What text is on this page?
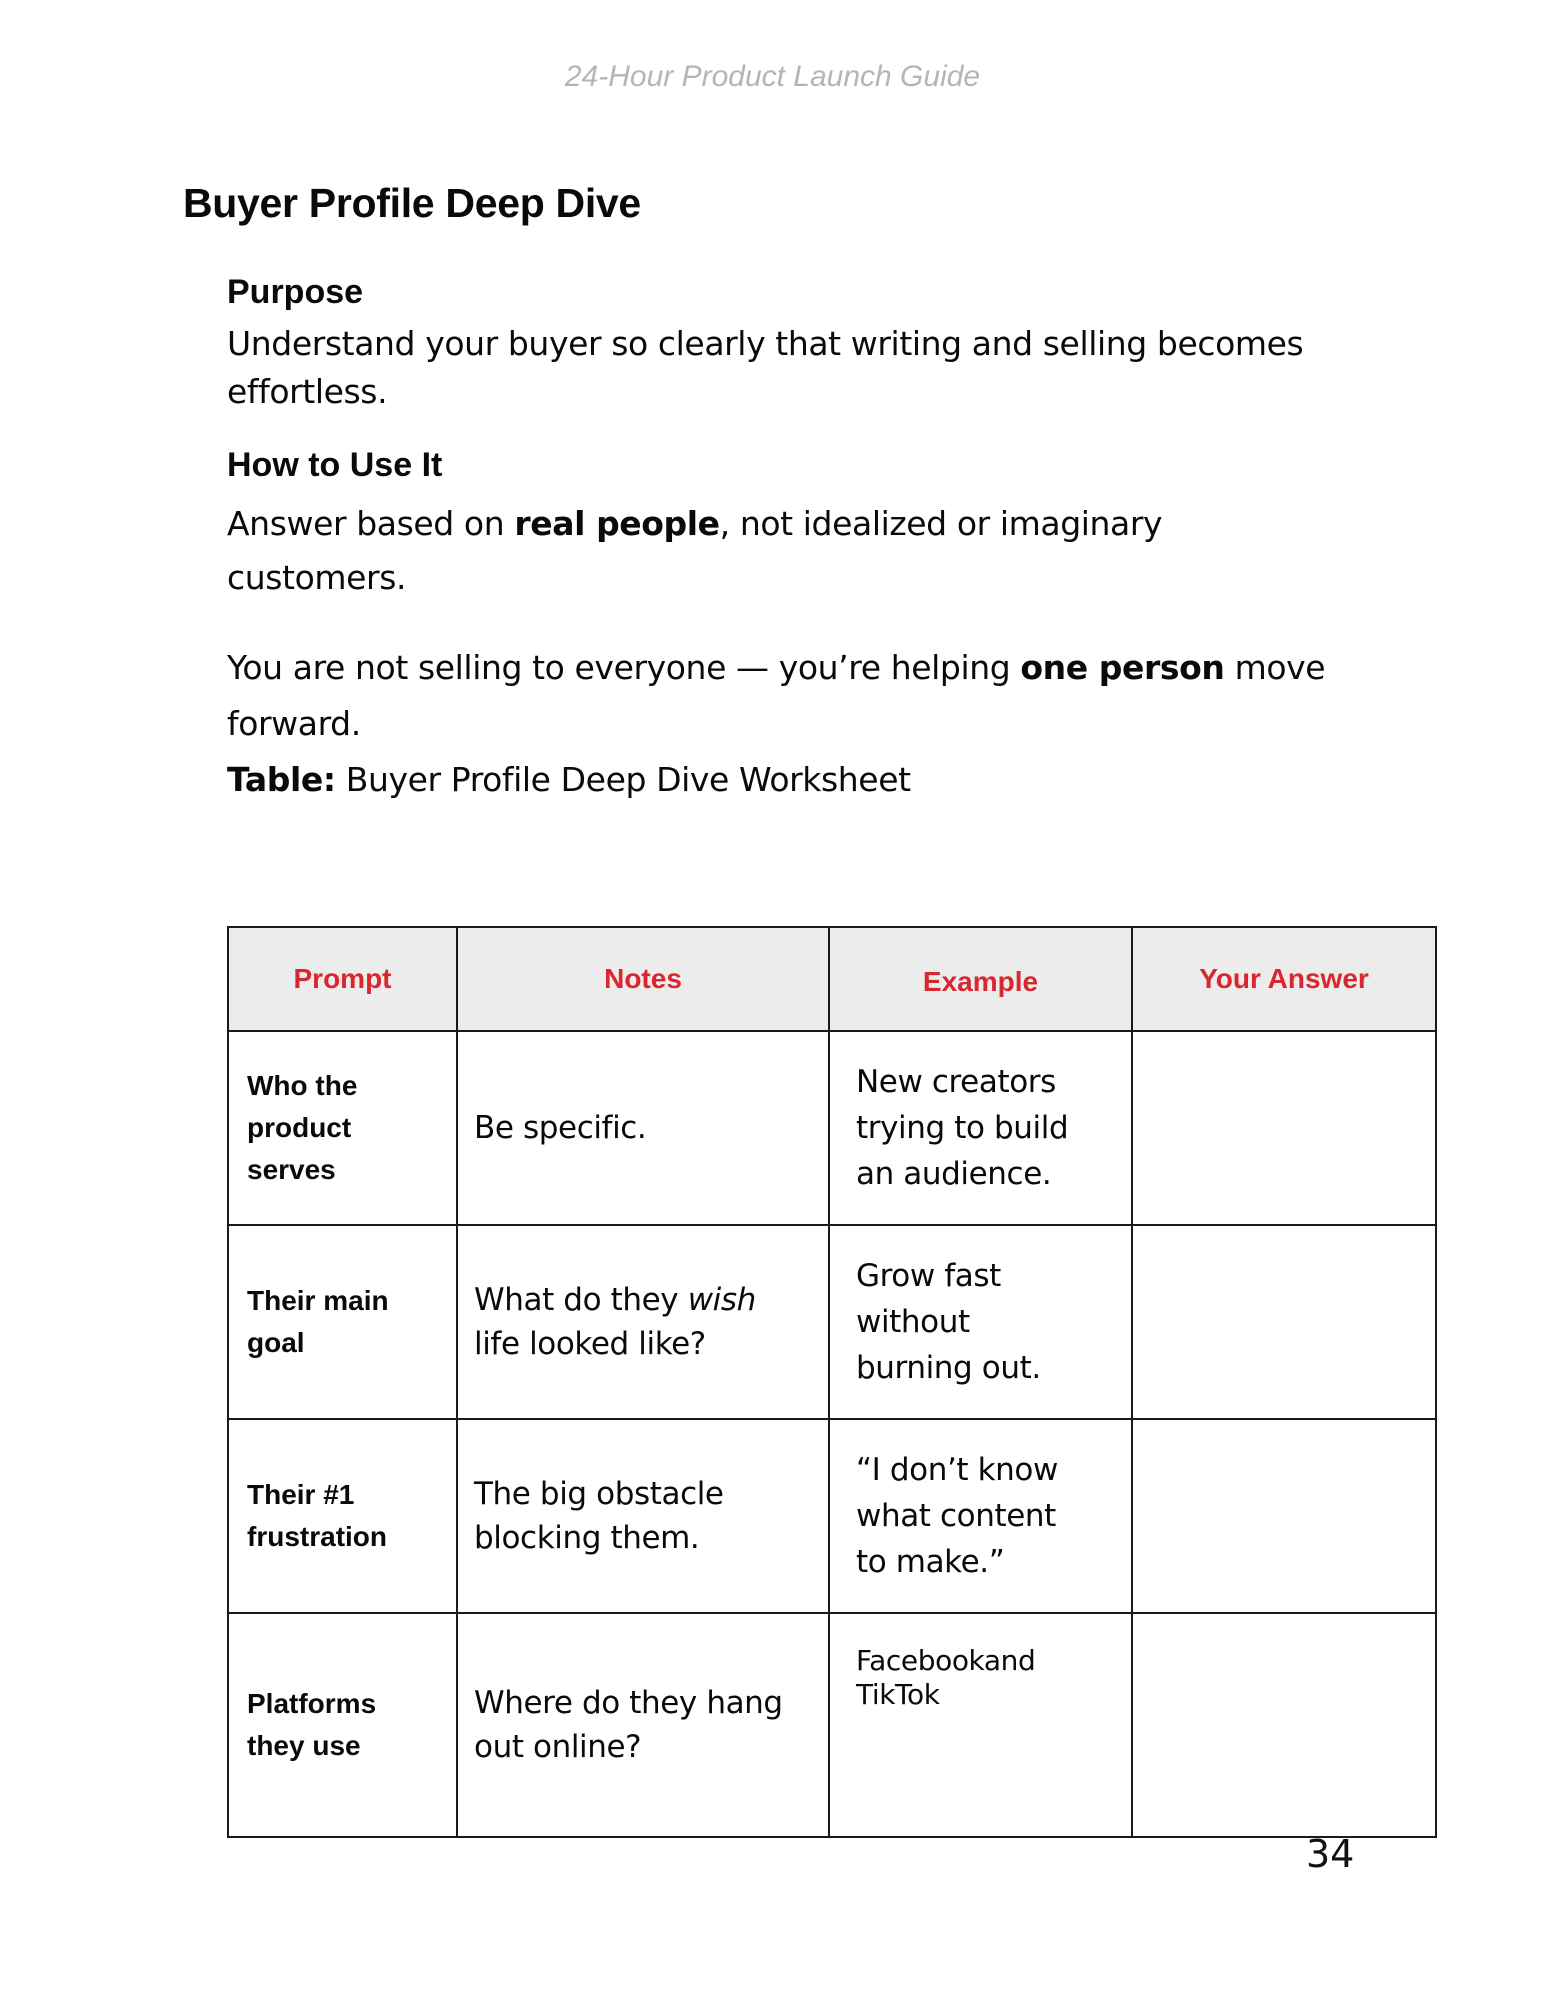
24-Hour Product Launch Guide
Buyer Profile Deep Dive
Purpose

Understand your buyer so clearly that writing and selling becomes effortless.

How to Use It

Answer based on real people, not idealized or imaginary customers.

You are not selling to everyone — you’re helping one person move forward.

Table: Buyer Profile Deep Dive Worksheet

Prompt	Notes	Example	Your Answer

Who the product serves	Be specific.	New creators trying to build an audience.	

Their main goal	What do they wish life looked like?	Grow fast without burning out.	

Their #1 frustration	The big obstacle blocking them.	“I don’t know what content to make.”	

Platforms they use	Where do they hang out online?	Facebookand TikTok	

34
